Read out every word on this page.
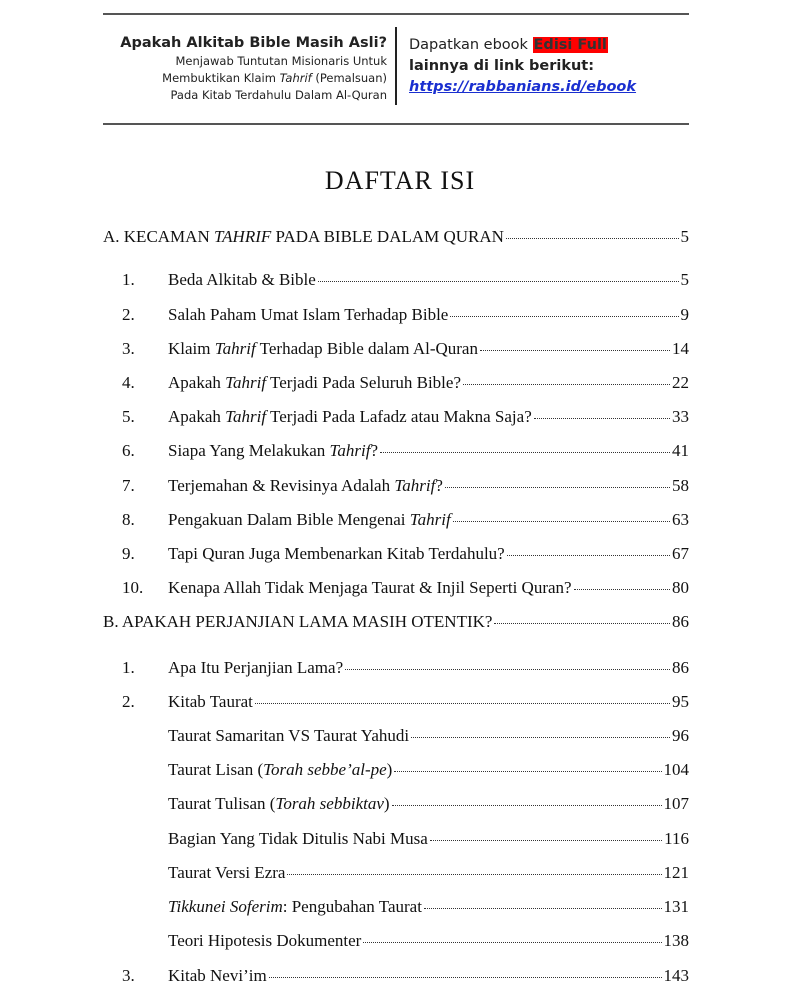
Apakah Alkitab Bible Masih Asli?
Menjawab Tuntutan Misionaris Untuk
Membuktikan Klaim Tahrif (Pemalsuan)
Pada Kitab Terdahulu Dalam Al-Quran
Dapatkan ebook Edisi Full
lainnya di link berikut:
https://rabbanians.id/ebook
DAFTAR ISI
A. KECAMAN TAHRIF PADA BIBLE DALAM QURAN	5
1.	Beda Alkitab & Bible	5
2.	Salah Paham Umat Islam Terhadap Bible	9
3.	Klaim Tahrif Terhadap Bible dalam Al-Quran	14
4.	Apakah Tahrif Terjadi Pada Seluruh Bible?	22
5.	Apakah Tahrif Terjadi Pada Lafadz atau Makna Saja?	33
6.	Siapa Yang Melakukan Tahrif?	41
7.	Terjemahan & Revisinya Adalah Tahrif?	58
8.	Pengakuan Dalam Bible Mengenai Tahrif	63
9.	Tapi Quran Juga Membenarkan Kitab Terdahulu?	67
10.	Kenapa Allah Tidak Menjaga Taurat & Injil Seperti Quran?	80
B. APAKAH PERJANJIAN LAMA MASIH OTENTIK?	86
1.	Apa Itu Perjanjian Lama?	86
2.	Kitab Taurat	95
Taurat Samaritan VS Taurat Yahudi	96
Taurat Lisan (Torah sebbe’al-pe)	104
Taurat Tulisan (Torah sebbiktav)	107
Bagian Yang Tidak Ditulis Nabi Musa	116
Taurat Versi Ezra	121
Tikkunei Soferim: Pengubahan Taurat	131
Teori Hipotesis Dokumenter	138
3.	Kitab Nevi’im	143
